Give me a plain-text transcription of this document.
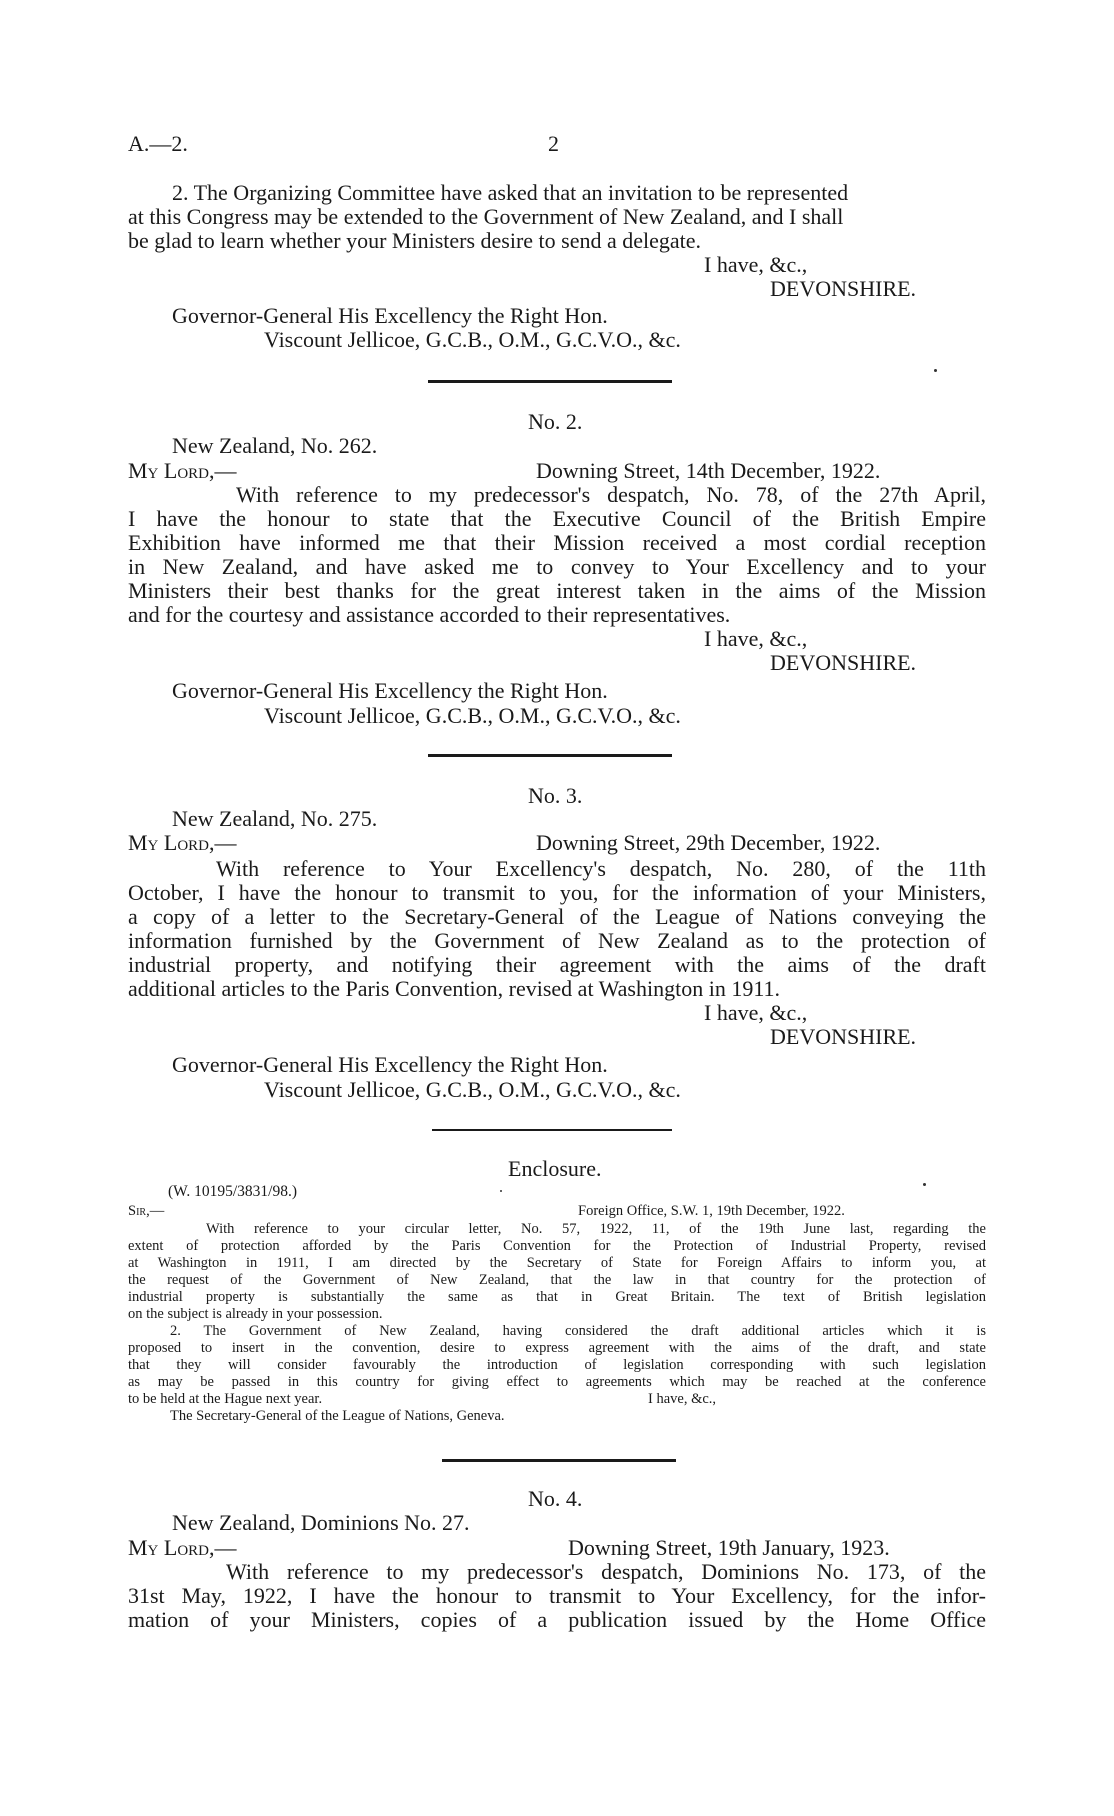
A.—2.	2
2. The Organizing Committee have asked that an invitation to be represented
at this Congress may be extended to the Government of New Zealand, and I shall
be glad to learn whether your Ministers desire to send a delegate.
I have, &c.,
DEVONSHIRE.
Governor-General His Excellency the Right Hon.
Viscount Jellicoe, G.C.B., O.M., G.C.V.O., &c.
No. 2.
New Zealand, No. 262.
My Lord,—	Downing Street, 14th December, 1922.
With reference to my predecessor's despatch, No. 78, of the 27th April,
I have the honour to state that the Executive Council of the British Empire
Exhibition have informed me that their Mission received a most cordial reception
in New Zealand, and have asked me to convey to Your Excellency and to your
Ministers their best thanks for the great interest taken in the aims of the Mission
and for the courtesy and assistance accorded to their representatives.
I have, &c.,
DEVONSHIRE.
Governor-General His Excellency the Right Hon.
Viscount Jellicoe, G.C.B., O.M., G.C.V.O., &c.
No. 3.
New Zealand, No. 275.
My Lord,—	Downing Street, 29th December, 1922.
With reference to Your Excellency's despatch, No. 280, of the 11th
October, I have the honour to transmit to you, for the information of your Ministers,
a copy of a letter to the Secretary-General of the League of Nations conveying the
information furnished by the Government of New Zealand as to the protection of
industrial property, and notifying their agreement with the aims of the draft
additional articles to the Paris Convention, revised at Washington in 1911.
I have, &c.,
DEVONSHIRE.
Governor-General His Excellency the Right Hon.
Viscount Jellicoe, G.C.B., O.M., G.C.V.O., &c.
Enclosure.
(W. 10195/3831/98.)
Sir,—	Foreign Office, S.W. 1, 19th December, 1922.
With reference to your circular letter, No. 57, 1922, 11, of the 19th June last, regarding the
extent of protection afforded by the Paris Convention for the Protection of Industrial Property, revised
at Washington in 1911, I am directed by the Secretary of State for Foreign Affairs to inform you, at
the request of the Government of New Zealand, that the law in that country for the protection of
industrial property is substantially the same as that in Great Britain. The text of British legislation
on the subject is already in your possession.
2. The Government of New Zealand, having considered the draft additional articles which it is
proposed to insert in the convention, desire to express agreement with the aims of the draft, and state
that they will consider favourably the introduction of legislation corresponding with such legislation
as may be passed in this country for giving effect to agreements which may be reached at the conference
to be held at the Hague next year.	I have, &c.,
The Secretary-General of the League of Nations, Geneva.
No. 4.
New Zealand, Dominions No. 27.
My Lord,—	Downing Street, 19th January, 1923.
With reference to my predecessor's despatch, Dominions No. 173, of the
31st May, 1922, I have the honour to transmit to Your Excellency, for the infor-
mation of your Ministers, copies of a publication issued by the Home Office
